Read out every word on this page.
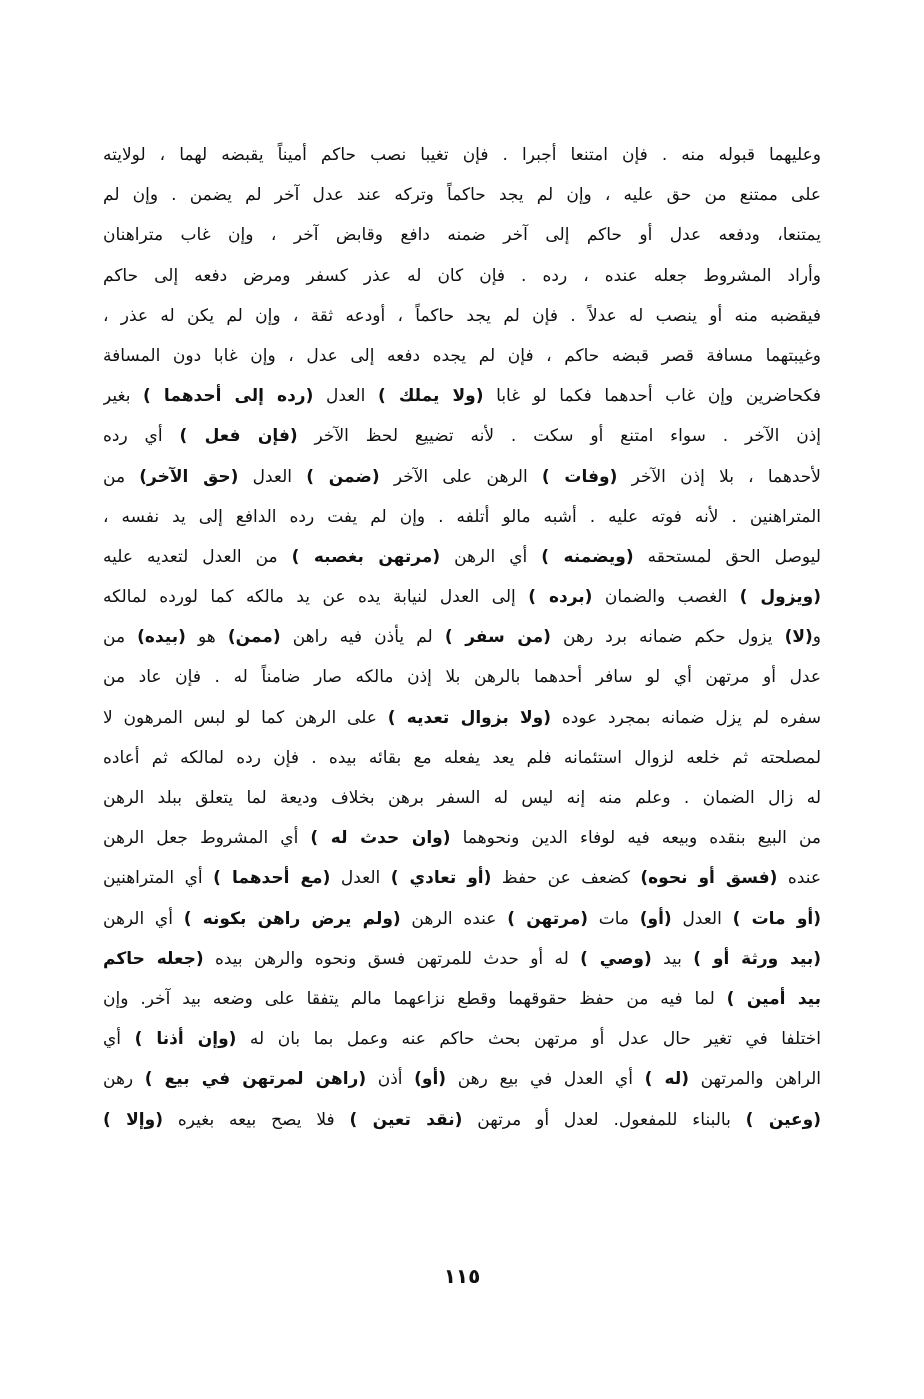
وعليهما قبوله منه . فإن امتنعا أجبرا . فإن تغيبا نصب حاكم أميناً يقبضه لهما ، لولايته
على ممتنع من حق عليه ، وإن لم يجد حاكماً وتركه عند عدل آخر لم يضمن . وإن لم
يمتنعا، ودفعه عدل أو حاكم إلى آخر ضمنه دافع وقابض آخر ، وإن غاب متراهنان
وأراد المشروط جعله عنده ، رده . فإن كان له عذر كسفر ومرض دفعه إلى حاكم
فيقضبه منه أو ينصب له عدلاً . فإن لم يجد حاكماً ، أودعه ثقة ، وإن لم يكن له عذر ،
وغيبتهما مسافة قصر قبضه حاكم ، فإن لم يجده دفعه إلى عدل ، وإن غابا دون المسافة
فكحاضرين وإن غاب أحدهما فكما لو غابا (ولا يملك ) العدل (رده إلى أحدهما ) بغير
إذن الآخر . سواء امتنع أو سكت . لأنه تضييع لحظ الآخر (فإن فعل ) أي رده
لأحدهما ، بلا إذن الآخر (وفات ) الرهن على الآخر (ضمن ) العدل (حق الآخر) من
المتراهنين . لأنه فوته عليه . أشبه مالو أتلفه . وإن لم يفت رده الدافع إلى يد نفسه ،
ليوصل الحق لمستحقه (ويضمنه ) أي الرهن (مرتهن بغصبه ) من العدل لتعديه عليه
(ويزول ) الغصب والضمان (برده ) إلى العدل لنيابة يده عن يد مالكه كما لورده لمالكه
و(لا) يزول حكم ضمانه برد رهن (من سفر ) لم يأذن فيه راهن (ممن) هو (بيده) من
عدل أو مرتهن أي لو سافر أحدهما بالرهن بلا إذن مالكه صار ضامناً له . فإن عاد من
سفره لم يزل ضمانه بمجرد عوده (ولا بزوال تعديه ) على الرهن كما لو لبس المرهون لا
لمصلحته ثم خلعه لزوال استئمانه فلم يعد يفعله مع بقائه بيده . فإن رده لمالكه ثم أعاده
له زال الضمان . وعلم منه إنه ليس له السفر برهن بخلاف وديعة لما يتعلق ببلد الرهن
من البيع بنقده وبيعه فيه لوفاء الدين ونحوهما (وان حدث له ) أي المشروط جعل الرهن
عنده (فسق أو نحوه) كضعف عن حفظ (أو تعادي ) العدل (مع أحدهما ) أي المتراهنين
(أو مات ) العدل (أو) مات (مرتهن ) عنده الرهن (ولم يرض راهن بكونه ) أي الرهن
(بيد ورثة أو ) بيد (وصي ) له أو حدث للمرتهن فسق ونحوه والرهن بيده (جعله حاكم
بيد أمين ) لما فيه من حفظ حقوقهما وقطع نزاعهما مالم يتفقا على وضعه بيد آخر. وإن
اختلفا في تغير حال عدل أو مرتهن بحث حاكم عنه وعمل بما بان له (وإن أذنا ) أي
الراهن والمرتهن (له ) أي العدل في بيع رهن (أو) أذن (راهن لمرتهن في بيع ) رهن
(وعين ) بالبناء للمفعول. لعدل أو مرتهن (نقد تعين ) فلا يصح بيعه بغيره (وإلا )
١١٥
